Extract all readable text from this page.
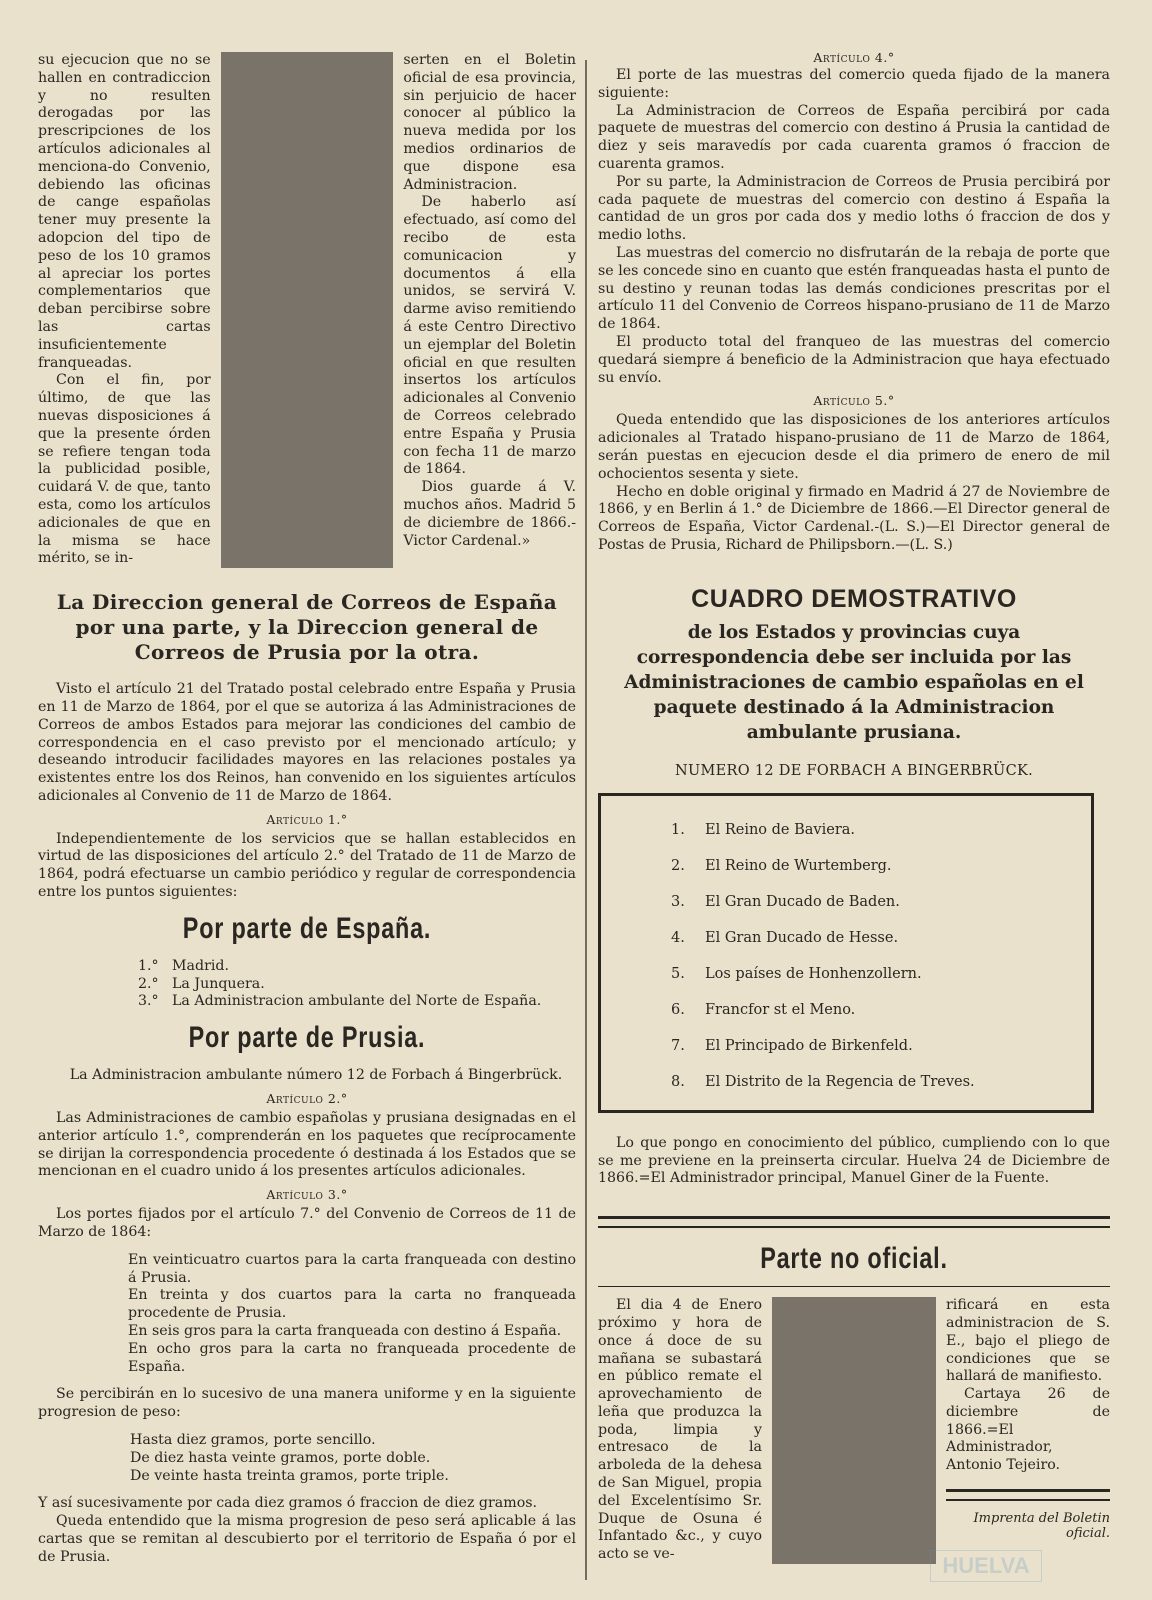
su ejecucion que no se hallen en contradiccion y no resulten derogadas por las prescripciones de los artículos adicionales al menciona-do Convenio, debiendo las oficinas de cange españolas tener muy presente la adopcion del tipo de peso de los 10 gramos al apreciar los portes complementarios que deban percibirse sobre las cartas insuficientemente franqueadas.

Con el fin, por último, de que las nuevas disposiciones á que la presente órden se refiere tengan toda la publicidad posible, cuidará V. de que, tanto esta, como los artículos adicionales de que en la misma se hace mérito, se in-

serten en el Boletin oficial de esa provincia, sin perjuicio de hacer conocer al público la nueva medida por los medios ordinarios de que dispone esa Administracion.

De haberlo así efectuado, así como del recibo de esta comunicacion y documentos á ella unidos, se servirá V. darme aviso remitiendo á este Centro Directivo un ejemplar del Boletin oficial en que resulten insertos los artículos adicionales al Convenio de Correos celebrado entre España y Prusia con fecha 11 de marzo de 1864.

Dios guarde á V. muchos años. Madrid 5 de diciembre de 1866.-Victor Cardenal.»

La Direccion general de Correos de España por una parte, y la Direccion general de Correos de Prusia por la otra.

Visto el artículo 21 del Tratado postal celebrado entre España y Prusia en 11 de Marzo de 1864, por el que se autoriza á las Administraciones de Correos de ambos Estados para mejorar las condiciones del cambio de correspondencia en el caso previsto por el mencionado artículo; y deseando introducir facilidades mayores en las relaciones postales ya existentes entre los dos Reinos, han convenido en los siguientes artículos adicionales al Convenio de 11 de Marzo de 1864.

Artículo 1.°

Independientemente de los servicios que se hallan establecidos en virtud de las disposiciones del artículo 2.° del Tratado de 11 de Marzo de 1864, podrá efectuarse un cambio periódico y regular de correspondencia entre los puntos siguientes:

Por parte de España.
1.° Madrid.
2.° La Junquera.
3.° La Administracion ambulante del Norte de España.
Por parte de Prusia.

La Administracion ambulante número 12 de Forbach á Bingerbrück.

Artículo 2.°

Las Administraciones de cambio españolas y prusiana designadas en el anterior artículo 1.°, comprenderán en los paquetes que recíprocamente se dirijan la correspondencia procedente ó destinada á los Estados que se mencionan en el cuadro unido á los presentes artículos adicionales.

Artículo 3.°

Los portes fijados por el artículo 7.° del Convenio de Correos de 11 de Marzo de 1864:

En veinticuatro cuartos para la carta franqueada con destino á Prusia.

En treinta y dos cuartos para la carta no franqueada procedente de Prusia.

En seis gros para la carta franqueada con destino á España.

En ocho gros para la carta no franqueada procedente de España.

Se percibirán en lo sucesivo de una manera uniforme y en la siguiente progresion de peso:

Hasta diez gramos, porte sencillo.

De diez hasta veinte gramos, porte doble.

De veinte hasta treinta gramos, porte triple.

Y así sucesivamente por cada diez gramos ó fraccion de diez gramos.

Queda entendido que la misma progresion de peso será aplicable á las cartas que se remitan al descubierto por el territorio de España ó por el de Prusia.

Artículo 4.°

El porte de las muestras del comercio queda fijado de la manera siguiente:

La Administracion de Correos de España percibirá por cada paquete de muestras del comercio con destino á Prusia la cantidad de diez y seis maravedís por cada cuarenta gramos ó fraccion de cuarenta gramos.

Por su parte, la Administracion de Correos de Prusia percibirá por cada paquete de muestras del comercio con destino á España la cantidad de un gros por cada dos y medio loths ó fraccion de dos y medio loths.

Las muestras del comercio no disfrutarán de la rebaja de porte que se les concede sino en cuanto que estén franqueadas hasta el punto de su destino y reunan todas las demás condiciones prescritas por el artículo 11 del Convenio de Correos hispano-prusiano de 11 de Marzo de 1864.

El producto total del franqueo de las muestras del comercio quedará siempre á beneficio de la Administracion que haya efectuado su envío.

Artículo 5.°

Queda entendido que las disposiciones de los anteriores artículos adicionales al Tratado hispano-prusiano de 11 de Marzo de 1864, serán puestas en ejecucion desde el dia primero de enero de mil ochocientos sesenta y siete.

Hecho en doble original y firmado en Madrid á 27 de Noviembre de 1866, y en Berlin á 1.° de Diciembre de 1866.—El Director general de Correos de España, Victor Cardenal.-(L. S.)—El Director general de Postas de Prusia, Richard de Philipsborn.—(L. S.)

CUADRO DEMOSTRATIVO
de los Estados y provincias cuya correspondencia debe ser incluida por las Administraciones de cambio españolas en el paquete destinado á la Administracion ambulante prusiana.
NUMERO 12 DE FORBACH A BINGERBRÜCK.
1. El Reino de Baviera.
2. El Reino de Wurtemberg.
3. El Gran Ducado de Baden.
4. El Gran Ducado de Hesse.
5. Los países de Honhenzollern.
6. Francfor st el Meno.
7. El Principado de Birkenfeld.
8. El Distrito de la Regencia de Treves.

Lo que pongo en conocimiento del público, cumpliendo con lo que se me previene en la preinserta circular. Huelva 24 de Diciembre de 1866.=El Administrador principal, Manuel Giner de la Fuente.

Parte no oficial.

El dia 4 de Enero próximo y hora de once á doce de su mañana se subastará en público remate el aprovechamiento de leña que produzca la poda, limpia y entresaco de la arboleda de la dehesa de San Miguel, propia del Excelentísimo Sr. Duque de Osuna é Infantado &c., y cuyo acto se ve-

rificará en esta administracion de S. E., bajo el pliego de condiciones que se hallará de manifiesto.

Cartaya 26 de diciembre de 1866.=El Administrador, Antonio Tejeiro.

Imprenta del Boletin oficial.
HUELVA
